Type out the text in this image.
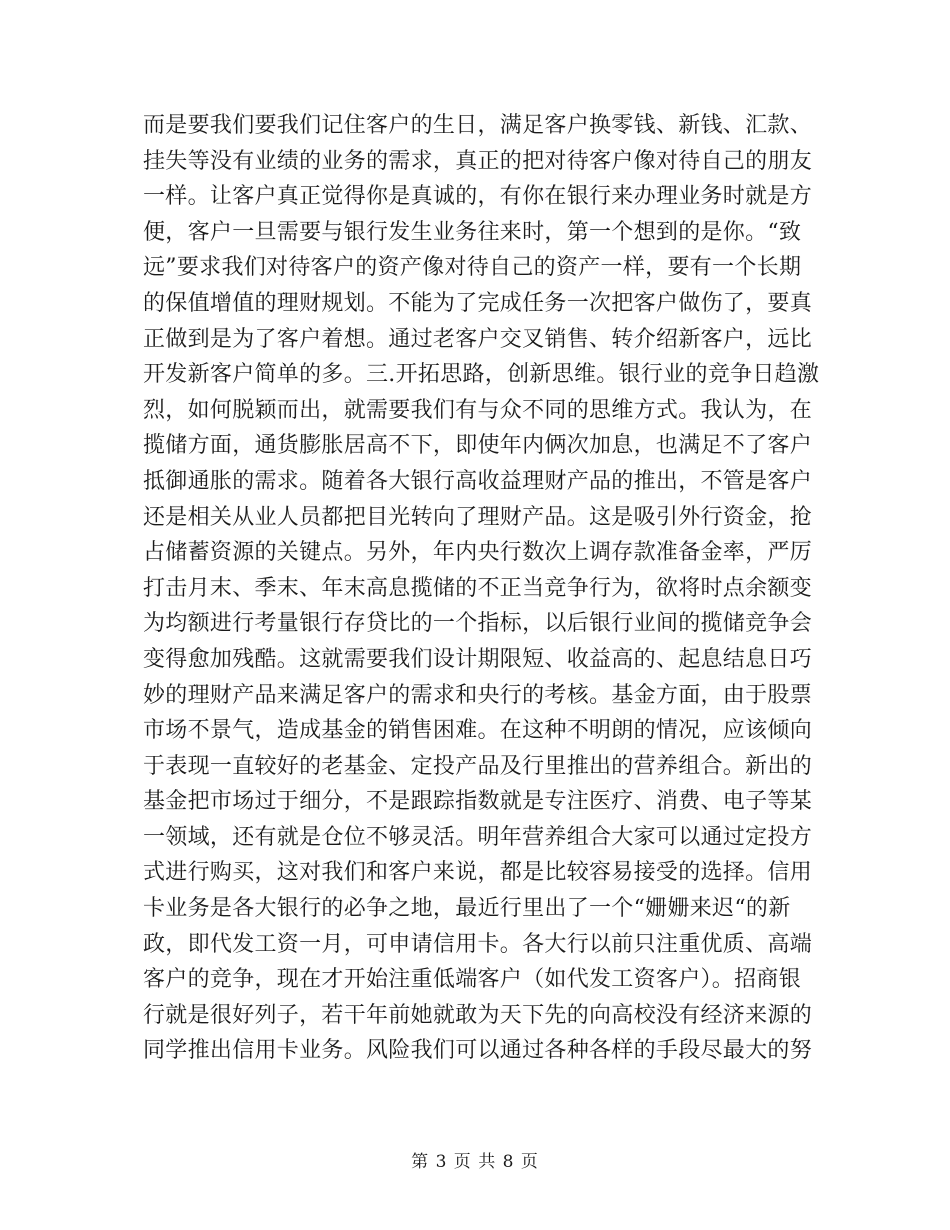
而是要我们要我们记住客户的生日，满足客户换零钱、新钱、汇款、
挂失等没有业绩的业务的需求，真正的把对待客户像对待自己的朋友
一样。让客户真正觉得你是真诚的，有你在银行来办理业务时就是方
便，客户一旦需要与银行发生业务往来时，第一个想到的是你。“致
远”要求我们对待客户的资产像对待自己的资产一样，要有一个长期
的保值增值的理财规划。不能为了完成任务一次把客户做伤了，要真
正做到是为了客户着想。通过老客户交叉销售、转介绍新客户，远比
开发新客户简单的多。三.开拓思路，创新思维。银行业的竞争日趋激
烈，如何脱颖而出，就需要我们有与众不同的思维方式。我认为，在
揽储方面，通货膨胀居高不下，即使年内俩次加息，也满足不了客户
抵御通胀的需求。随着各大银行高收益理财产品的推出，不管是客户
还是相关从业人员都把目光转向了理财产品。这是吸引外行资金，抢
占储蓄资源的关键点。另外，年内央行数次上调存款准备金率，严厉
打击月末、季末、年末高息揽储的不正当竞争行为，欲将时点余额变
为均额进行考量银行存贷比的一个指标，以后银行业间的揽储竞争会
变得愈加残酷。这就需要我们设计期限短、收益高的、起息结息日巧
妙的理财产品来满足客户的需求和央行的考核。基金方面，由于股票
市场不景气，造成基金的销售困难。在这种不明朗的情况，应该倾向
于表现一直较好的老基金、定投产品及行里推出的营养组合。新出的
基金把市场过于细分，不是跟踪指数就是专注医疗、消费、电子等某
一领域，还有就是仓位不够灵活。明年营养组合大家可以通过定投方
式进行购买，这对我们和客户来说，都是比较容易接受的选择。信用
卡业务是各大银行的必争之地，最近行里出了一个“姗姗来迟“的新
政，即代发工资一月，可申请信用卡。各大行以前只注重优质、高端
客户的竞争，现在才开始注重低端客户（如代发工资客户）。招商银
行就是很好列子，若干年前她就敢为天下先的向高校没有经济来源的
同学推出信用卡业务。风险我们可以通过各种各样的手段尽最大的努
第 3 页 共 8 页
